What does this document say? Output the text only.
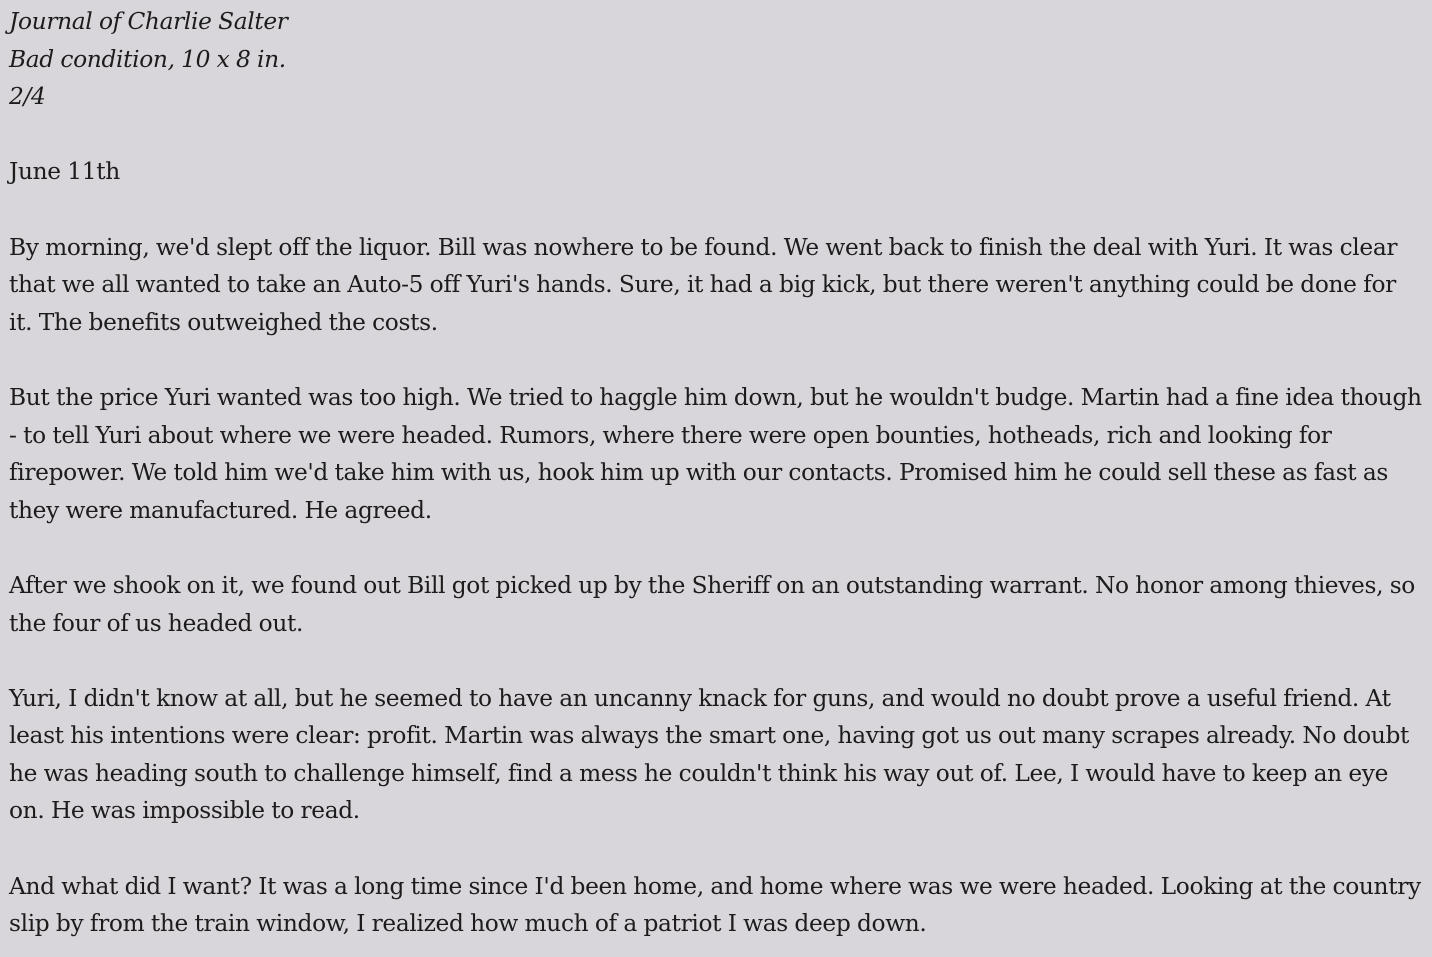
Journal of Charlie Salter
Bad condition, 10 x 8 in.
2/4

June 11th

By morning, we'd slept off the liquor. Bill was nowhere to be found. We went back to finish the deal with Yuri. It was clear that we all wanted to take an Auto-5 off Yuri's hands. Sure, it had a big kick, but there weren't anything could be done for it. The benefits outweighed the costs.

But the price Yuri wanted was too high. We tried to haggle him down, but he wouldn't budge. Martin had a fine idea though - to tell Yuri about where we were headed. Rumors, where there were open bounties, hotheads, rich and looking for firepower. We told him we'd take him with us, hook him up with our contacts. Promised him he could sell these as fast as they were manufactured. He agreed.

After we shook on it, we found out Bill got picked up by the Sheriff on an outstanding warrant. No honor among thieves, so the four of us headed out.

Yuri, I didn't know at all, but he seemed to have an uncanny knack for guns, and would no doubt prove a useful friend. At least his intentions were clear: profit. Martin was always the smart one, having got us out many scrapes already. No doubt he was heading south to challenge himself, find a mess he couldn't think his way out of. Lee, I would have to keep an eye on. He was impossible to read.

And what did I want? It was a long time since I'd been home, and home where was we were headed. Looking at the country slip by from the train window, I realized how much of a patriot I was deep down.
